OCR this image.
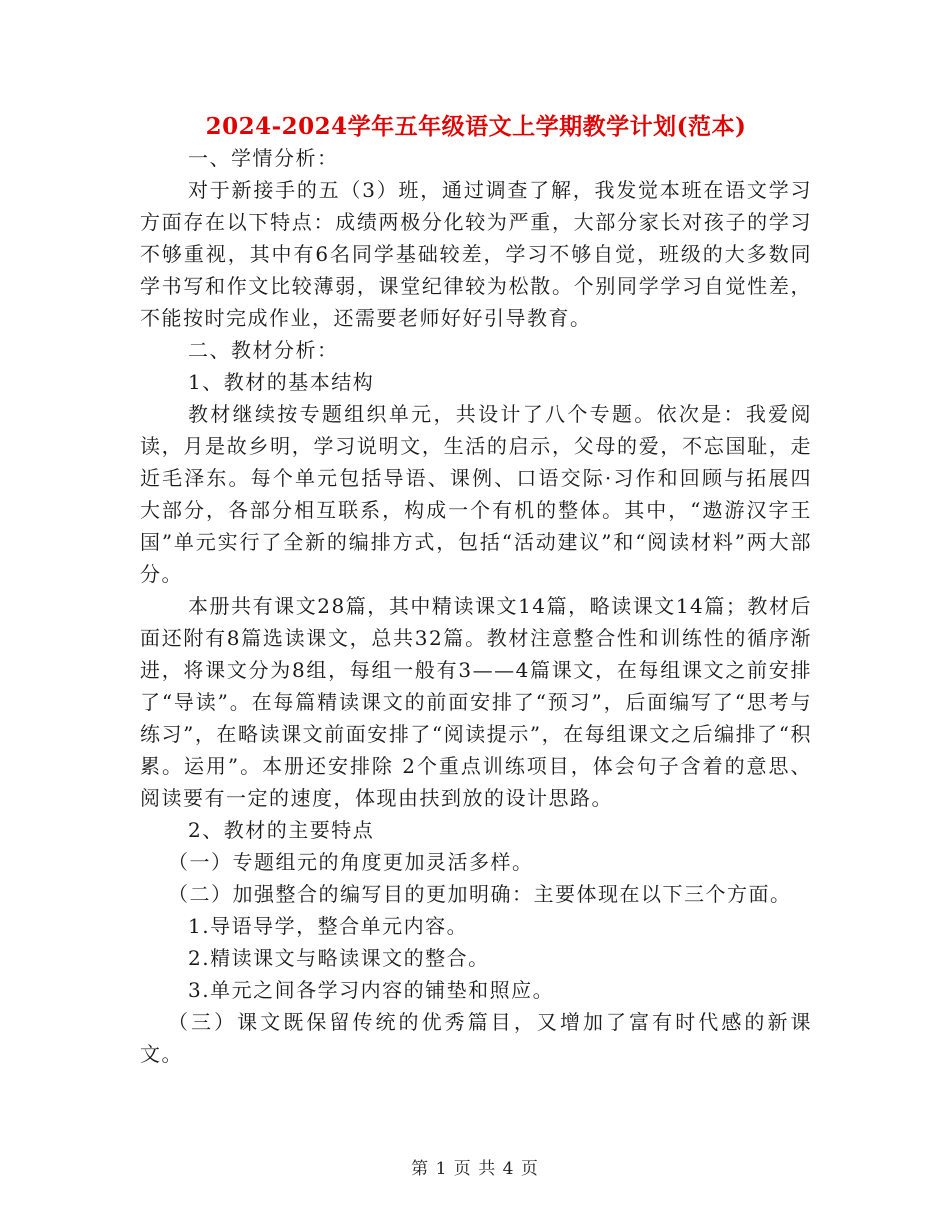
2024-2024学年五年级语文上学期教学计划(范本)

一、学情分析：

对于新接手的五（3）班，通过调查了解，我发觉本班在语文学习方面存在以下特点：成绩两极分化较为严重，大部分家长对孩子的学习不够重视，其中有6名同学基础较差，学习不够自觉，班级的大多数同学书写和作文比较薄弱，课堂纪律较为松散。个别同学学习自觉性差，不能按时完成作业，还需要老师好好引导教育。

二、教材分析：

1、教材的基本结构

教材继续按专题组织单元，共设计了八个专题。依次是：我爱阅读，月是故乡明，学习说明文，生活的启示，父母的爱，不忘国耻，走近毛泽东。每个单元包括导语、课例、口语交际·习作和回顾与拓展四大部分，各部分相互联系，构成一个有机的整体。其中，“遨游汉字王国”单元实行了全新的编排方式，包括“活动建议”和“阅读材料”两大部分。

本册共有课文28篇，其中精读课文14篇，略读课文14篇；教材后面还附有8篇选读课文，总共32篇。教材注意整合性和训练性的循序渐进，将课文分为8组，每组一般有3——4篇课文，在每组课文之前安排了“导读”。在每篇精读课文的前面安排了“预习”，后面编写了“思考与练习”，在略读课文前面安排了“阅读提示”，在每组课文之后编排了“积累。运用”。本册还安排除 2个重点训练项目，体会句子含着的意思、阅读要有一定的速度，体现由扶到放的设计思路。

2、教材的主要特点

（一）专题组元的角度更加灵活多样。

（二）加强整合的编写目的更加明确：主要体现在以下三个方面。

1.导语导学，整合单元内容。

2.精读课文与略读课文的整合。

3.单元之间各学习内容的铺垫和照应。

（三）课文既保留传统的优秀篇目，又增加了富有时代感的新课文。

第 1 页 共 4 页
